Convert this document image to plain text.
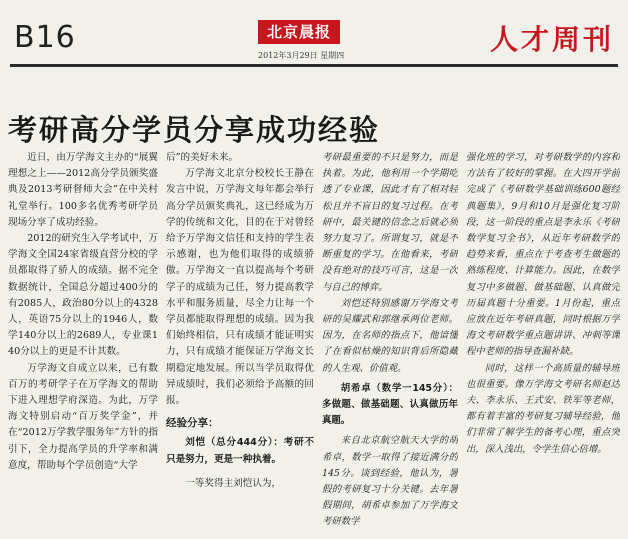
B16	北京晨报
2012年3月29日 星期四	人才周刊
考研高分学员分享成功经验

近日，由万学海文主办的“展翼理想之上——2012高分学员颁奖盛典及2013考研督师大会”在中关村礼堂举行。100多名优秀考研学员现场分享了成功经验。

2012的研究生入学考试中，万学海文全国24家省级直营分校的学员都取得了骄人的成绩。据不完全数据统计，全国总分超过400分的有2085人，政治80分以上的4328人，英语75分以上的1946人，数学140分以上的2689人，专业课140分以上的更是不计其数。

万学海文自成立以来，已有数百万的考研学子在万学海文的帮助下进入理想学府深造。为此，万学海文特别启动“百万奖学金”，并在“2012万学教学服务年”方针的指引下，全力提高学员的升学率和满意度，帮助每个学员创造“大学

后”的美好未来。

万学海文北京分校校长王静在发言中说，万学海文每年都会举行高分学员颁奖典礼，这已经成为万学的传统和文化，目的在于对曾经给予万学海文信任和支持的学生表示感谢，也为他们取得的成绩骄傲。万学海文一直以提高每个考研学子的成绩为己任，努力提高教学水平和服务质量，尽全力让每一个学员都能取得理想的成绩。因为我们始终相信，只有成绩才能证明实力，只有成绩才能保证万学海文长期稳定地发展。所以当学员取得优异成绩时，我们必须给予高额的回报。

经验分享：

刘恺（总分444分）：考研不只是努力，更是一种执着。

一等奖得主刘恺认为，

考研最重要的不只是努力，而是执着。为此，他利用一个学期吃透了专业课，因此才有了相对轻松且并不盲目的复习过程。在考研中，最关键的信念之后就必须努力复习了。所谓复习，就是不断重复的学习。在他看来，考研没有绝对的技巧可言，这是一次与自己的博弈。

刘恺还特别感谢万学海文考研的吴耀武和郭继承两位老师。因为，在名师的指点下，他谙懂了在看似枯燥的知识背后所隐藏的人生观、价值观。

胡希卓（数学一145分）：多做题、做基础题、认真做历年真题。

来自北京航空航天大学的胡希卓，数学一取得了接近满分的145分。谈到经验，他认为，暑假的考研复习十分关键。去年暑假期间，胡希卓参加了万学海文考研数学

强化班的学习，对考研数学的内容和方法有了较好的掌握。在大四开学前完成了《考研数学基础训练600题经典题集》，9月和10月是强化复习阶段，这一阶段的重点是李永乐《考研数学复习全书》，从近年考研数学的趋势来看，重点在于考查考生做题的熟练程度、计算能力。因此，在数学复习中多做题、做基础题、认真做完历届真题十分重要。1月份起，重点应放在近年考研真题，同时根据万学海文考研数学重点题讲讲、冲刺等课程中老师的指导查漏补缺。

同时，这样一个高质量的辅导班也很重要。像万学海文考研名师赵达夫、李永乐、王式安、铁军等老师，都有着丰富的考研复习辅导经验，他们非常了解学生的备考心理，重点突出，深入浅出，令学生信心倍增。
